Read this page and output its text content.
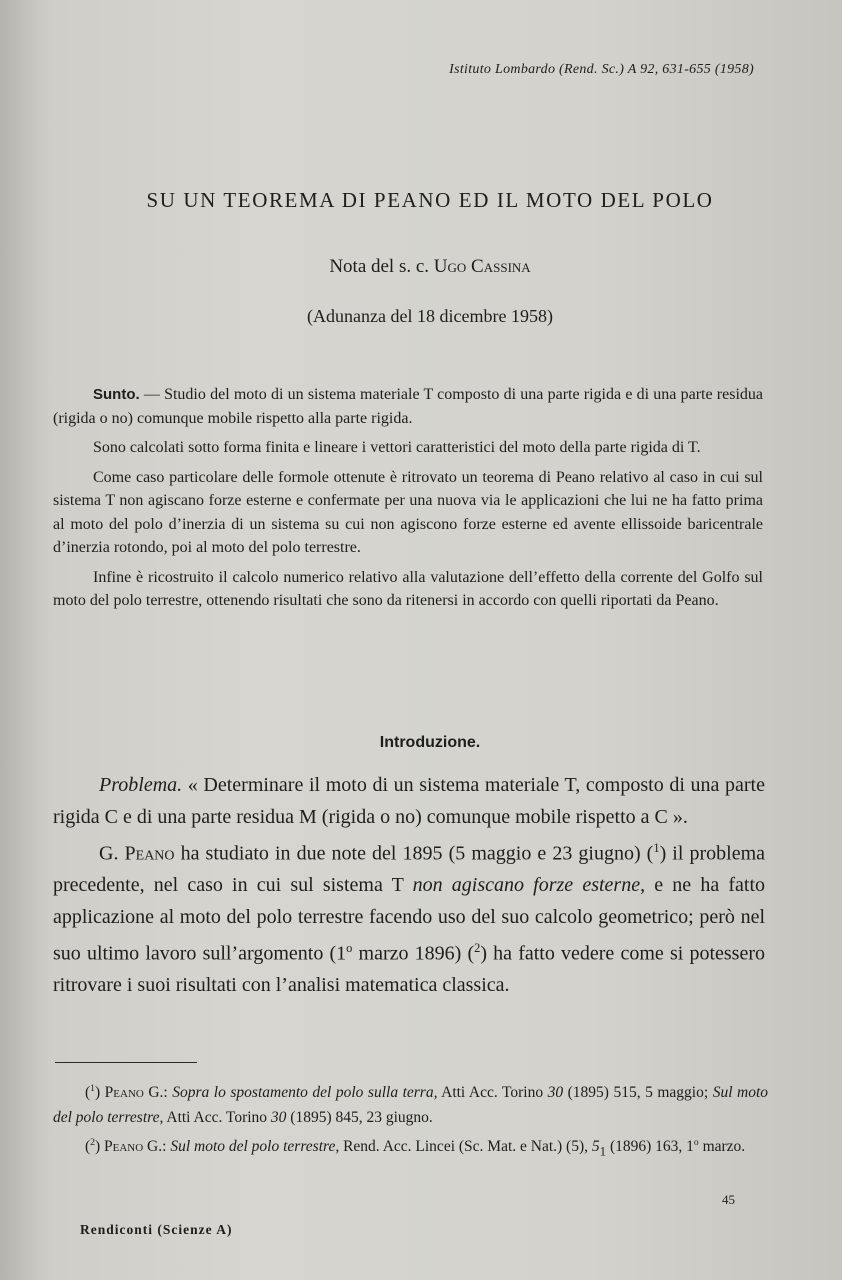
Istituto Lombardo (Rend. Sc.) A 92, 631-655 (1958)
SU UN TEOREMA DI PEANO ED IL MOTO DEL POLO
Nota del s. c. Ugo Cassina
(Adunanza del 18 dicembre 1958)

Sunto. — Studio del moto di un sistema materiale T composto di una parte rigida e di una parte residua (rigida o no) comunque mobile rispetto alla parte rigida.

Sono calcolati sotto forma finita e lineare i vettori caratteristici del moto della parte rigida di T.

Come caso particolare delle formole ottenute è ritrovato un teorema di Peano relativo al caso in cui sul sistema T non agiscano forze esterne e confermate per una nuova via le applicazioni che lui ne ha fatto prima al moto del polo d’inerzia di un sistema su cui non agiscono forze esterne ed avente ellissoide baricentrale d’inerzia rotondo, poi al moto del polo terrestre.

Infine è ricostruito il calcolo numerico relativo alla valutazione dell’effetto della corrente del Golfo sul moto del polo terrestre, ottenendo risultati che sono da ritenersi in accordo con quelli riportati da Peano.

Introduzione.

Problema. « Determinare il moto di un sistema materiale T, composto di una parte rigida C e di una parte residua M (rigida o no) comunque mobile rispetto a C ».

G. Peano ha studiato in due note del 1895 (5 maggio e 23 giugno) ($^1$) il problema precedente, nel caso in cui sul sistema T non agiscano forze esterne, e ne ha fatto applicazione al moto del polo terrestre facendo uso del suo calcolo geometrico; però nel suo ultimo lavoro sull’argomento (1$^o$ marzo 1896) ($^2$) ha fatto vedere come si potessero ritrovare i suoi risultati con l’analisi matematica classica.

($^1$) Peano G.: Sopra lo spostamento del polo sulla terra, Atti Acc. Torino 30 (1895) 515, 5 maggio; Sul moto del polo terrestre, Atti Acc. Torino 30 (1895) 845, 23 giugno.

($^2$) Peano G.: Sul moto del polo terrestre, Rend. Acc. Lincei (Sc. Mat. e Nat.) (5), $5_1$ (1896) 163, 1$^o$ marzo.

45
Rendiconti (Scienze A)
